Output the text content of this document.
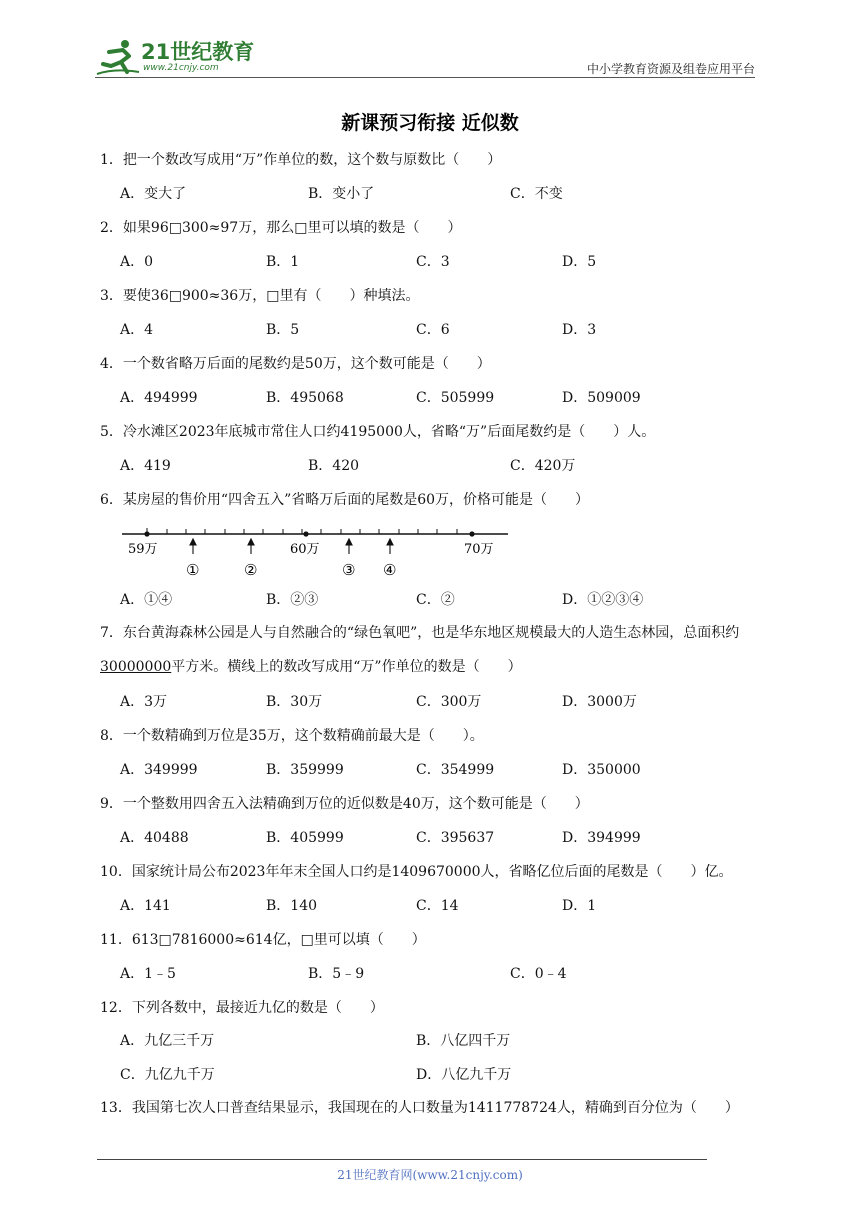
21世纪教育
www.21cnjy.com	中小学教育资源及组卷应用平台
新课预习衔接 近似数
1．把一个数改写成用“万”作单位的数，这个数与原数比（　　）
A．变大了	B．变小了	C．不变
2．如果96□300≈97万，那么□里可以填的数是（　　）
A．0	B．1	C．3	D．5
3．要使36□900≈36万，□里有（　　）种填法。
A．4	B．5	C．6	D．3
4．一个数省略万后面的尾数约是50万，这个数可能是（　　）
A．494999	B．495068	C．505999	D．509009
5．冷水滩区2023年底城市常住人口约4195000人，省略“万”后面尾数约是（　　）人。
A．419	B．420	C．420万
6．某房屋的售价用“四舍五入”省略万后面的尾数是60万，价格可能是（　　）
59万	60万	70万
①	②	③ ④
A．①④	B．②③	C．②	D．①②③④
7．东台黄海森林公园是人与自然融合的“绿色氧吧”，也是华东地区规模最大的人造生态林园，总面积约30000000平方米。横线上的数改写成用“万”作单位的数是（　　）
A．3万	B．30万	C．300万	D．3000万
8．一个数精确到万位是35万，这个数精确前最大是（　　）。
A．349999	B．359999	C．354999	D．350000
9．一个整数用四舍五入法精确到万位的近似数是40万，这个数可能是（　　）
A．40488	B．405999	C．395637	D．394999
10．国家统计局公布2023年年末全国人口约是1409670000人，省略亿位后面的尾数是（　　）亿。
A．141	B．140	C．14	D．1
11．613□7816000≈614亿，□里可以填（　　）
A．1﹣5	B．5﹣9	C．0﹣4
12．下列各数中，最接近九亿的数是（　　）
A．九亿三千万	B．八亿四千万
C．九亿九千万	D．八亿九千万
13．我国第七次人口普查结果显示，我国现在的人口数量为1411778724人，精确到百分位为（　　）
21世纪教育网(www.21cnjy.com)
